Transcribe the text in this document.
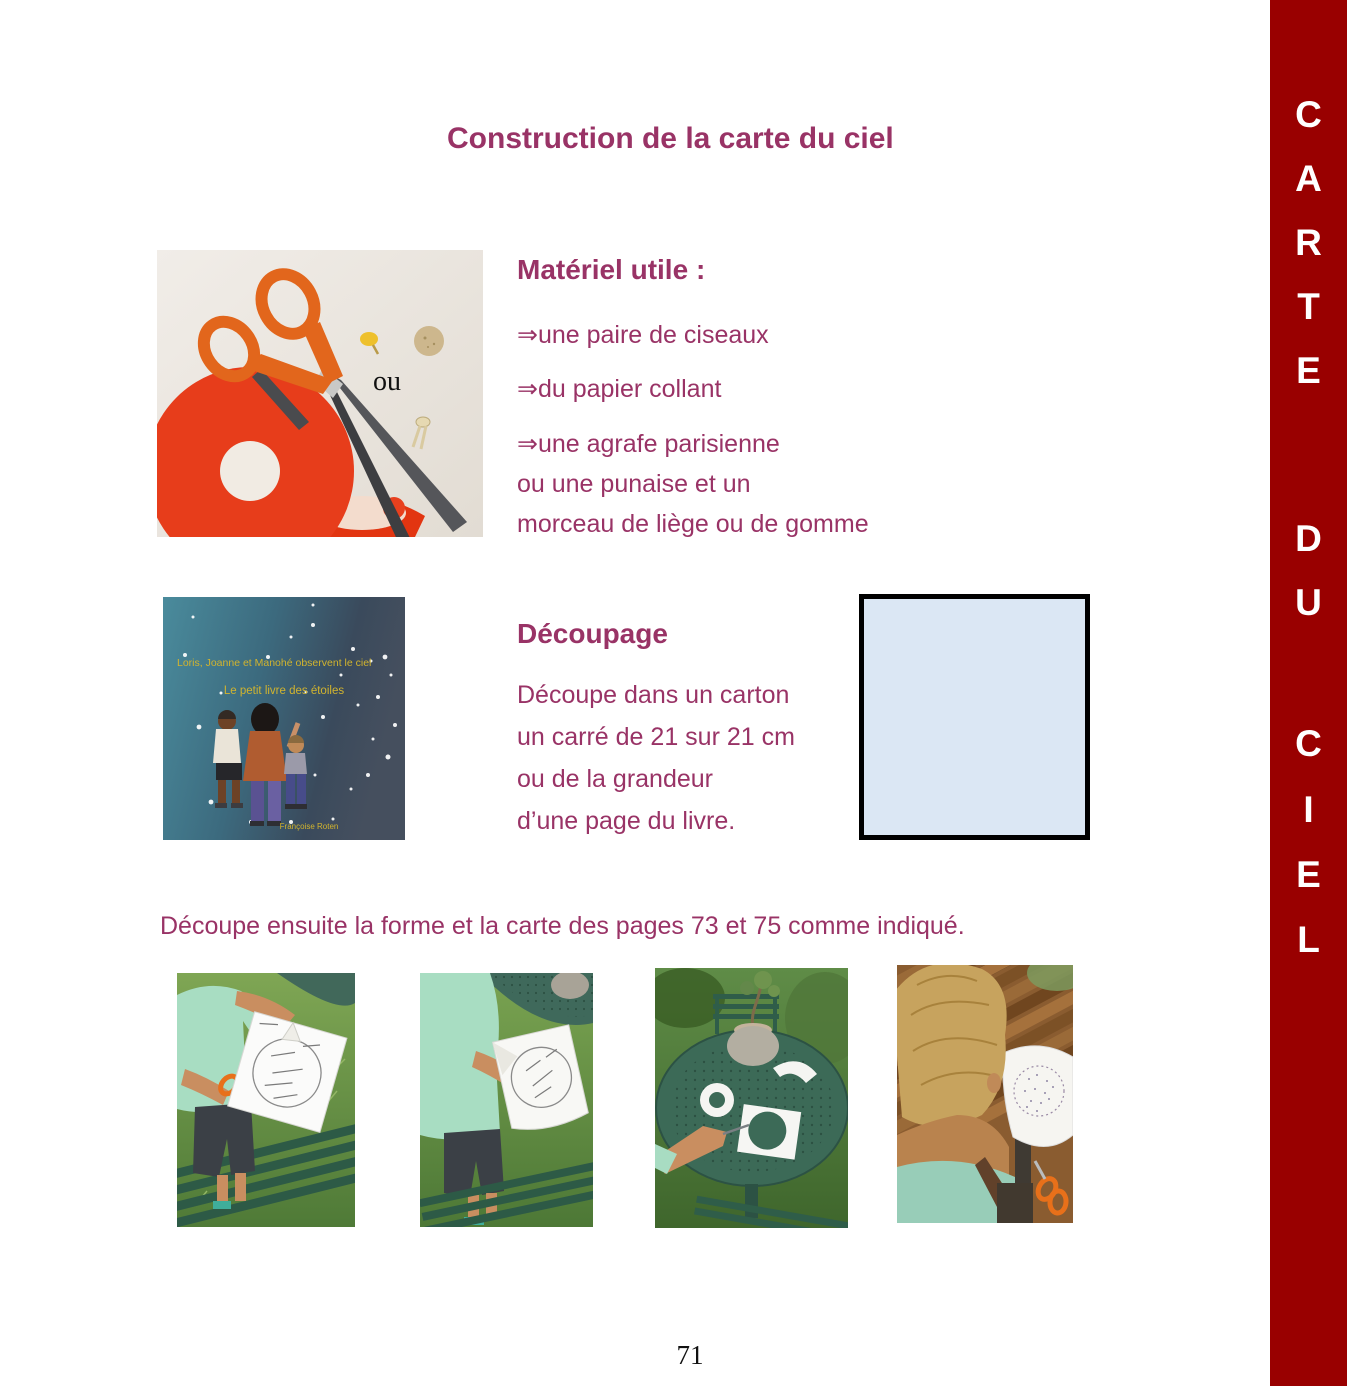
Construction de la carte du ciel
ou
Matériel utile :
⇒une paire de ciseaux
⇒du papier collant
⇒une agrafe parisienne
ou une punaise et un
morceau de liège ou de gomme
Loris, Joanne et Manohé observent le ciel
Le petit livre des étoiles
Françoise Roten
Découpage
Découpe dans un carton
un carré de 21 sur 21 cm
ou de la grandeur
d’une page du livre.
Découpe ensuite la forme et la carte des pages 73 et 75 comme indiqué.
71
C
A
R
T
E
D
U
C
I
E
L
